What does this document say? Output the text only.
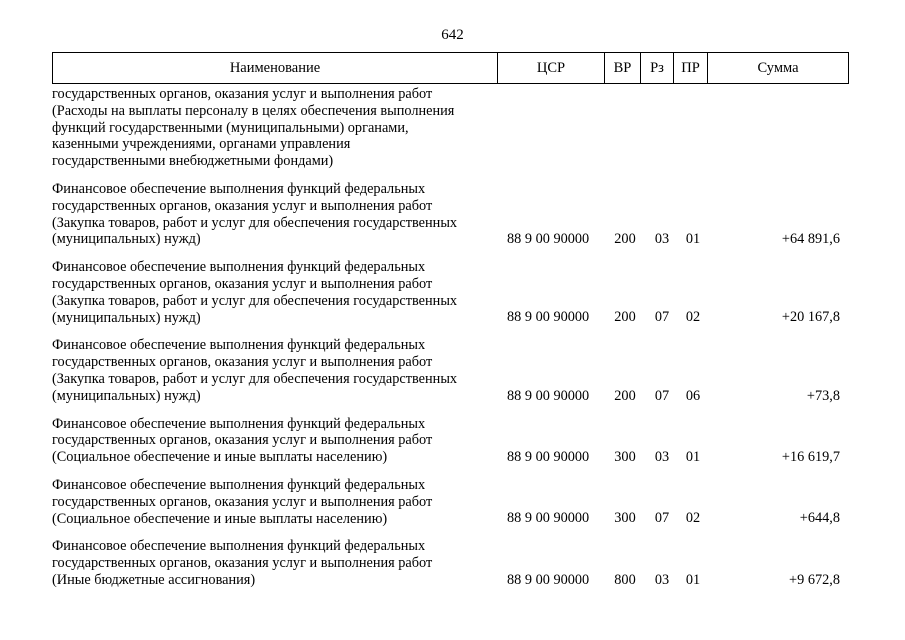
642
Наименование	ЦСР	ВР	Рз	ПР	Сумма
государственных органов, оказания услуг и выполнения работ
(Расходы на выплаты персоналу в целях обеспечения выполнения
функций государственными (муниципальными) органами,
казенными учреждениями, органами управления
государственными внебюджетными фондами)
Финансовое обеспечение выполнения функций федеральных
государственных органов, оказания услуг и выполнения работ
(Закупка товаров, работ и услуг для обеспечения государственных
(муниципальных) нужд)	88 9 00 90000	200	03	01	+64 891,6
Финансовое обеспечение выполнения функций федеральных
государственных органов, оказания услуг и выполнения работ
(Закупка товаров, работ и услуг для обеспечения государственных
(муниципальных) нужд)	88 9 00 90000	200	07	02	+20 167,8
Финансовое обеспечение выполнения функций федеральных
государственных органов, оказания услуг и выполнения работ
(Закупка товаров, работ и услуг для обеспечения государственных
(муниципальных) нужд)	88 9 00 90000	200	07	06	+73,8
Финансовое обеспечение выполнения функций федеральных
государственных органов, оказания услуг и выполнения работ
(Социальное обеспечение и иные выплаты населению)	88 9 00 90000	300	03	01	+16 619,7
Финансовое обеспечение выполнения функций федеральных
государственных органов, оказания услуг и выполнения работ
(Социальное обеспечение и иные выплаты населению)	88 9 00 90000	300	07	02	+644,8
Финансовое обеспечение выполнения функций федеральных
государственных органов, оказания услуг и выполнения работ
(Иные бюджетные ассигнования)	88 9 00 90000	800	03	01	+9 672,8
